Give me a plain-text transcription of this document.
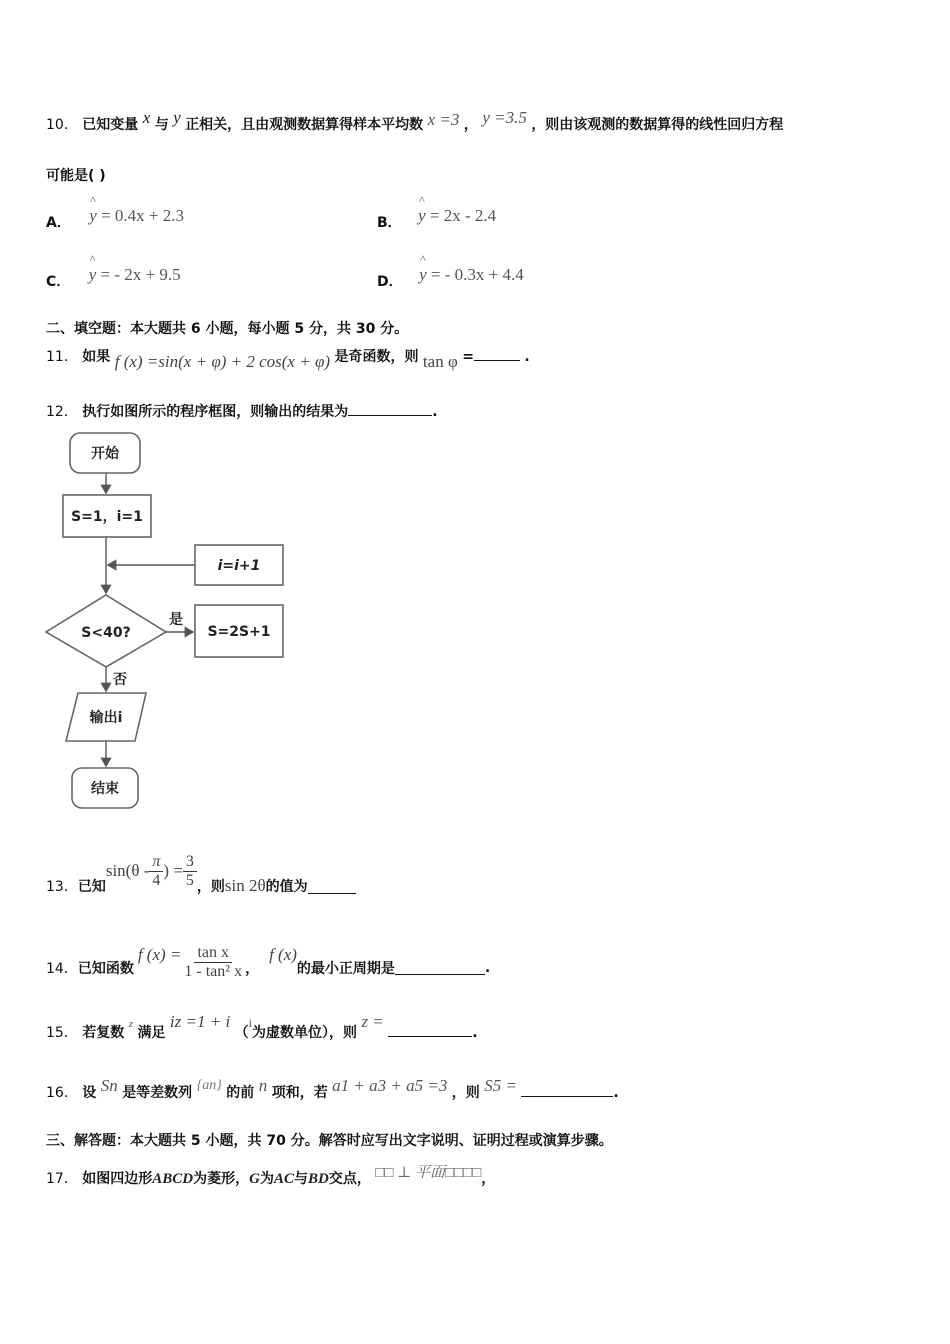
10． 已知变量 x 与 y 正相关，且由观测数据算得样本平均数 x =3 ， y =3.5 ，则由该观测的数据算得的线性回归方程
可能是( )
A． ^ y = 0.4x + 2.3	B． ^ y = 2x - 2.4
C． ^ y = - 2x + 9.5	D． ^ y = - 0.3x + 4.4
二、填空题：本大题共 6 小题，每小题 5 分，共 30 分。
11． 如果 f (x) =sin(x + φ) + 2 cos(x + φ) 是奇函数，则 tan φ =	.
12． 执行如图所示的程序框图，则输出的结果为	.
开始
S=1，i=1
i=i+1
S<40?
是
S=2S+1
否
输出i
结束
13． 已知
$\sin(\theta - \frac{\pi}{4}$ ) = $\frac{3}{5}$ ，则 sin 2θ 的值为
14． 已知函数
f $(x) = \frac{\text{tan x}}{\text{1 - tan² x}}$ ，
f (x)
的最小正周期是	.
15． 若复数 $^z$ 满足 iz =1 + i （i为虚数单位），则 z = .
16． 设 Sn 是等差数列 {an} 的前 n 项和，若 a1 + a3 + a5 =3 ，则 S5 =	.
三、解答题：本大题共 5 小题，共 70 分。解答时应写出文字说明、证明过程或演算步骤。
17． 如图四边形ABCD为菱形，G为AC与BD交点， □□ ⊥ 平面□□□□，
